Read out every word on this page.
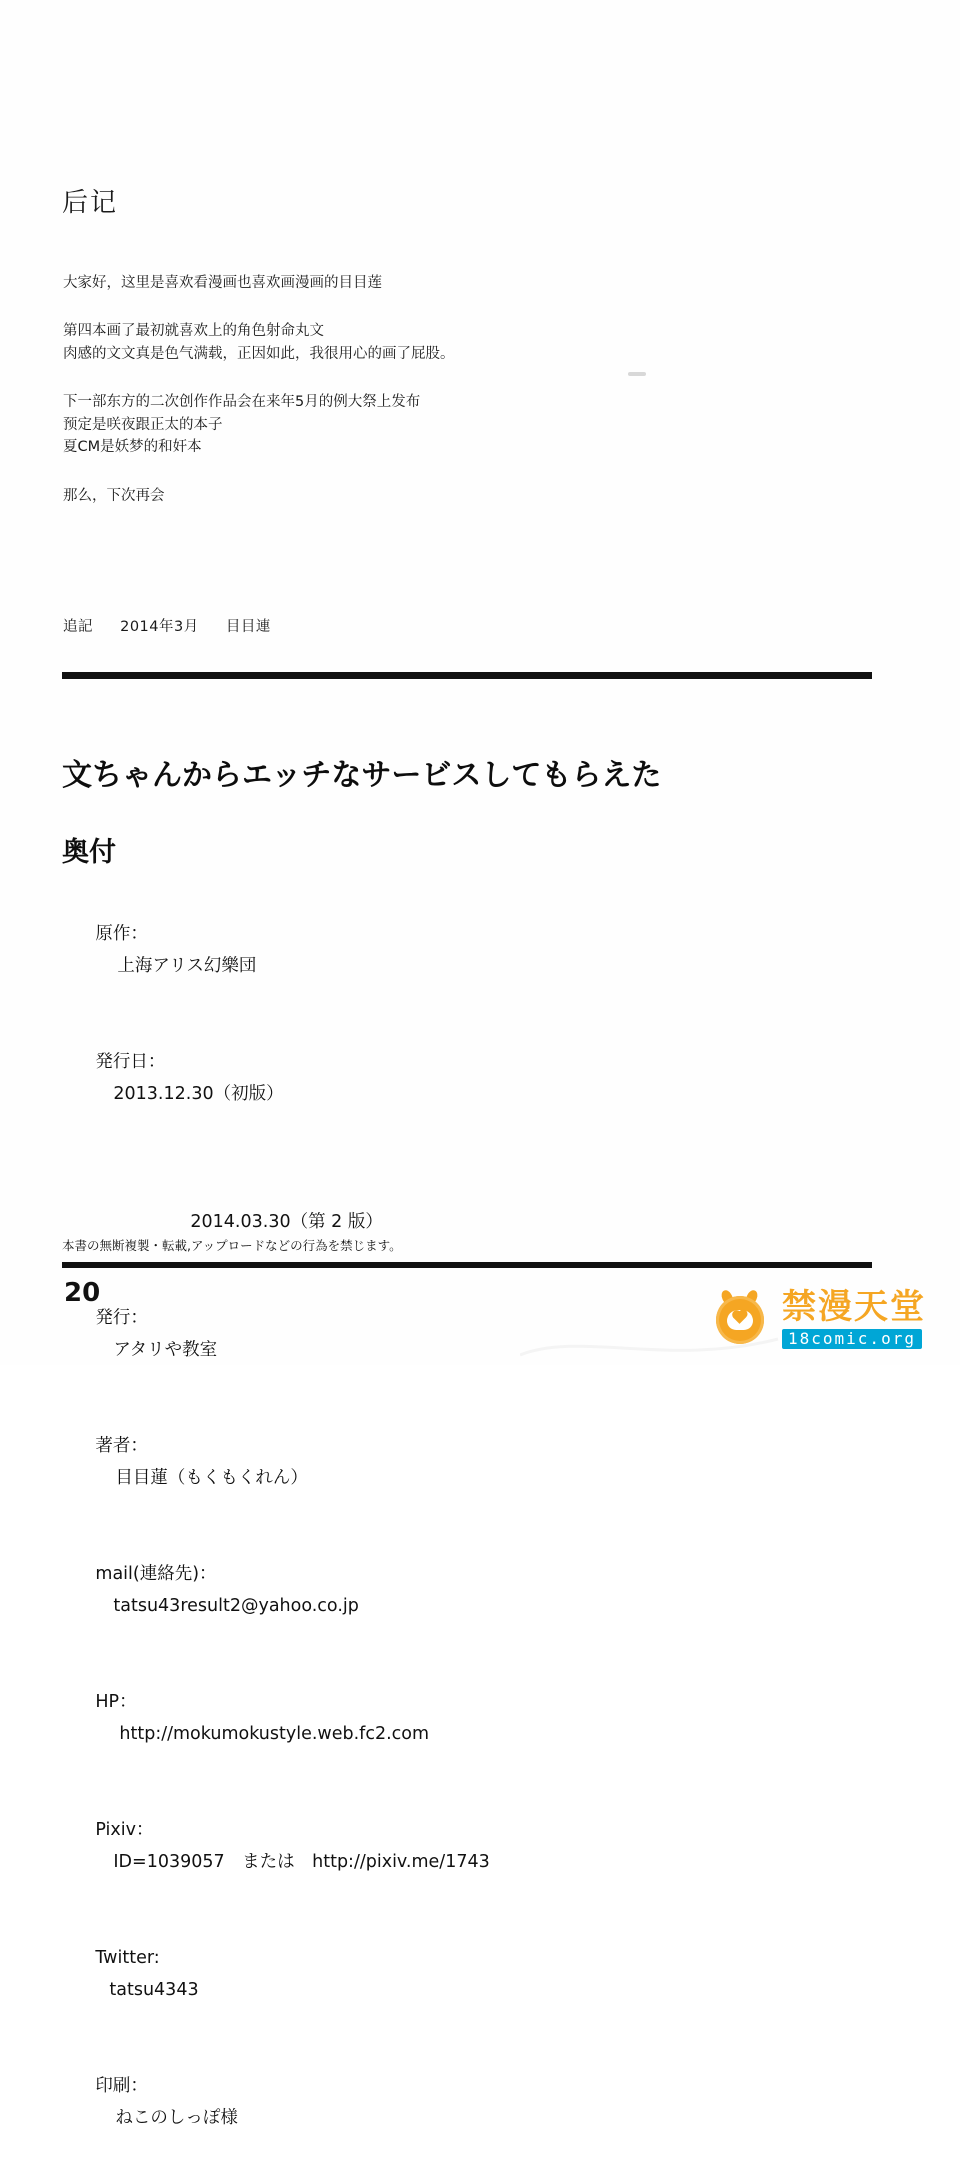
后记

大家好，这里是喜欢看漫画也喜欢画漫画的目目莲

第四本画了最初就喜欢上的角色射命丸文
肉感的文文真是色气满载，正因如此，我很用心的画了屁股。

下一部东方的二次创作作品会在来年5月的例大祭上发布
预定是咲夜跟正太的本子
夏CM是妖梦的和奸本

那么，下次再会

追記 2014年3月 目目連
文ちゃんからエッチなサービスしてもらえた
奥付

原作：
上海アリス幻樂団

発行日：
2013.12.30（初版）

2014.03.30（第 2 版）

発行：
アタリや教室

著者：
目目蓮（もくもくれん）

mail(連絡先)：
tatsu43result2@yahoo.co.jp

HP：
http://mokumokustyle.web.fc2.com

Pixiv：
ID=1039057　または　http://pixiv.me/1743

Twitter:
tatsu4343

印刷：
ねこのしっぽ様

本書の無断複製・転載,アップロードなどの行為を禁じます。
20	禁漫天堂
18comic.org
